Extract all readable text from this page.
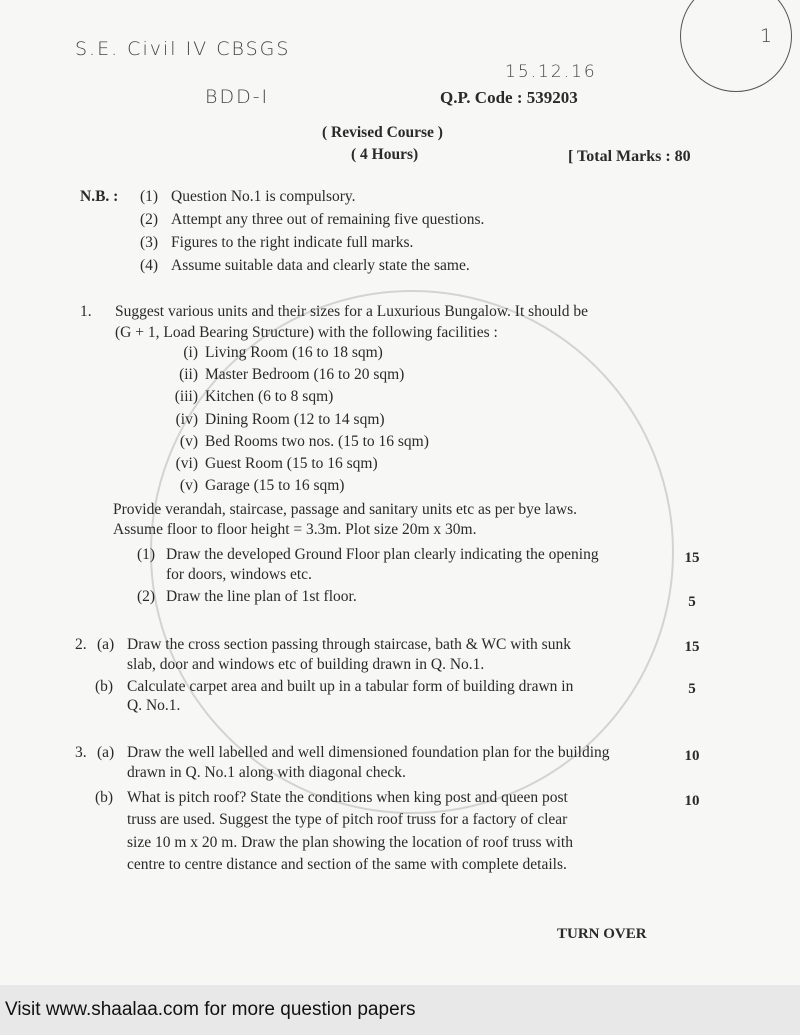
1
S.E. Civil IV CBSGS
15.12.16
BDD-I	Q.P. Code : 539203
( Revised Course )
( 4 Hours)	[ Total Marks : 80
N.B. : (1) Question No.1 is compulsory.
(2) Attempt any three out of remaining five questions.
(3) Figures to the right indicate full marks.
(4) Assume suitable data and clearly state the same.
1. Suggest various units and their sizes for a Luxurious Bungalow. It should be
(G + 1, Load Bearing Structure) with the following facilities :
(i) Living Room (16 to 18 sqm)
(ii) Master Bedroom (16 to 20 sqm)
(iii) Kitchen (6 to 8 sqm)
(iv) Dining Room (12 to 14 sqm)
(v) Bed Rooms two nos. (15 to 16 sqm)
(vi) Guest Room (15 to 16 sqm)
(v) Garage (15 to 16 sqm)
Provide verandah, staircase, passage and sanitary units etc as per bye laws.
Assume floor to floor height = 3.3m. Plot size 20m x 30m.
(1) Draw the developed Ground Floor plan clearly indicating the opening
for doors, windows etc.
15
(2) Draw the line plan of 1st floor.	5
2. (a) Draw the cross section passing through staircase, bath & WC with sunk
slab, door and windows etc of building drawn in Q. No.1.
15
(b) Calculate carpet area and built up in a tabular form of building drawn in
Q. No.1.
5
3. (a) Draw the well labelled and well dimensioned foundation plan for the building
drawn in Q. No.1 along with diagonal check.
10
(b) What is pitch roof? State the conditions when king post and queen post
truss are used. Suggest the type of pitch roof truss for a factory of clear
size 10 m x 20 m. Draw the plan showing the location of roof truss with
centre to centre distance and section of the same with complete details.
10
TURN OVER
Visit www.shaalaa.com for more question papers
